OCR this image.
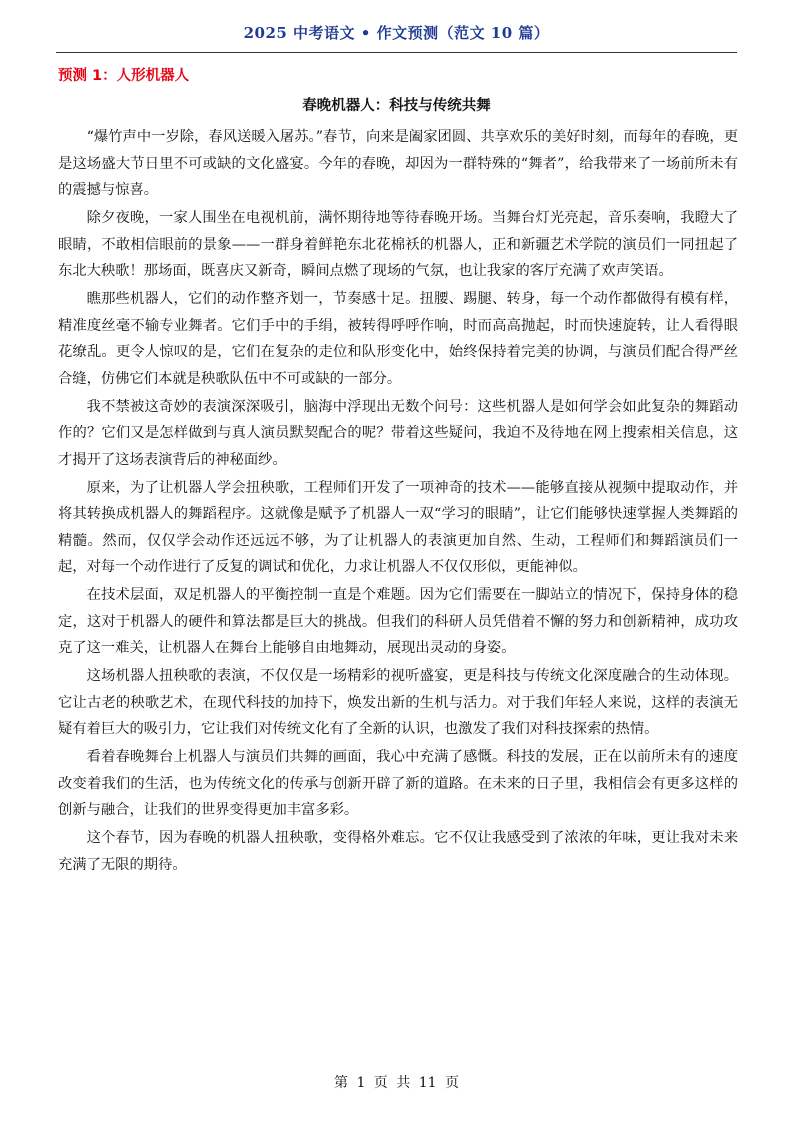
2025 中考语文 • 作文预测（范文 10 篇）
预测 1：人形机器人
春晚机器人：科技与传统共舞

“爆竹声中一岁除，春风送暖入屠苏。”春节，向来是阖家团圆、共享欢乐的美好时刻，而每年的春晚，更是这场盛大节日里不可或缺的文化盛宴。今年的春晚，却因为一群特殊的“舞者”，给我带来了一场前所未有的震撼与惊喜。

除夕夜晚，一家人围坐在电视机前，满怀期待地等待春晚开场。当舞台灯光亮起，音乐奏响，我瞪大了眼睛，不敢相信眼前的景象——一群身着鲜艳东北花棉袄的机器人，正和新疆艺术学院的演员们一同扭起了东北大秧歌！那场面，既喜庆又新奇，瞬间点燃了现场的气氛，也让我家的客厅充满了欢声笑语。

瞧那些机器人，它们的动作整齐划一，节奏感十足。扭腰、踢腿、转身，每一个动作都做得有模有样，精准度丝毫不输专业舞者。它们手中的手绢，被转得呼呼作响，时而高高抛起，时而快速旋转，让人看得眼花缭乱。更令人惊叹的是，它们在复杂的走位和队形变化中，始终保持着完美的协调，与演员们配合得严丝合缝，仿佛它们本就是秧歌队伍中不可或缺的一部分。

我不禁被这奇妙的表演深深吸引，脑海中浮现出无数个问号：这些机器人是如何学会如此复杂的舞蹈动作的？它们又是怎样做到与真人演员默契配合的呢？带着这些疑问，我迫不及待地在网上搜索相关信息，这才揭开了这场表演背后的神秘面纱。

原来，为了让机器人学会扭秧歌，工程师们开发了一项神奇的技术——能够直接从视频中提取动作，并将其转换成机器人的舞蹈程序。这就像是赋予了机器人一双“学习的眼睛”，让它们能够快速掌握人类舞蹈的精髓。然而，仅仅学会动作还远远不够，为了让机器人的表演更加自然、生动，工程师们和舞蹈演员们一起，对每一个动作进行了反复的调试和优化，力求让机器人不仅仅形似，更能神似。

在技术层面，双足机器人的平衡控制一直是个难题。因为它们需要在一脚站立的情况下，保持身体的稳定，这对于机器人的硬件和算法都是巨大的挑战。但我们的科研人员凭借着不懈的努力和创新精神，成功攻克了这一难关，让机器人在舞台上能够自由地舞动，展现出灵动的身姿。

这场机器人扭秧歌的表演，不仅仅是一场精彩的视听盛宴，更是科技与传统文化深度融合的生动体现。它让古老的秧歌艺术，在现代科技的加持下，焕发出新的生机与活力。对于我们年轻人来说，这样的表演无疑有着巨大的吸引力，它让我们对传统文化有了全新的认识，也激发了我们对科技探索的热情。

看着春晚舞台上机器人与演员们共舞的画面，我心中充满了感慨。科技的发展，正在以前所未有的速度改变着我们的生活，也为传统文化的传承与创新开辟了新的道路。在未来的日子里，我相信会有更多这样的创新与融合，让我们的世界变得更加丰富多彩。

这个春节，因为春晚的机器人扭秧歌，变得格外难忘。它不仅让我感受到了浓浓的年味，更让我对未来充满了无限的期待。

第 1 页 共 11 页
